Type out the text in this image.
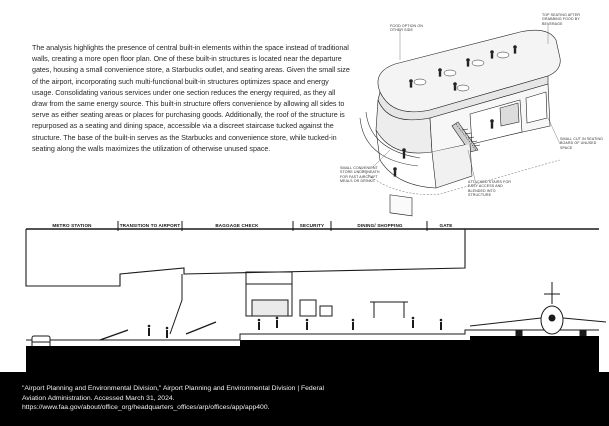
The analysis highlights the presence of central built-in elements within the space instead of traditional walls, creating a more open floor plan. One of these built-in structures is located near the departure gates, housing a small convenience store, a Starbucks outlet, and seating areas. Given the small size of the airport, incorporating such multi-functional built-in structures optimizes space and energy usage. Consolidating various services under one section reduces the energy required, as they all draw from the same energy source. This built-in structure offers convenience by allowing all sides to serve as either seating areas or places for purchasing goods. Additionally, the roof of the structure is repurposed as a seating and dining space, accessible via a discreet staircase tucked against the structure. The base of the built-in serves as the Starbucks and convenience store, while tucked-in seating along the walls maximizes the utilization of otherwise unused space.
FOOD OPTION ON OTHER SIDE
TOP SEATING AFTER GRABBING FOOD BY BEVERAGE
SMALL CUT IN SEATING BOARD OF UNUSED SPACE
SMALL CONVENIENT STORE UNDERNEATH FOR FAST AIRCRAFT MEALS OR DRINKS	ATTACHED STAIRS FOR EASY ACCESS AND BLENDED INTO STRUCTURE
METRO STATION	TRANSITION TO AIRPORT	BAGGAGE CHECK	SECURITY	DINING/ SHOPPING	GATE
"Airport Planning and Environmental Division," Airport Planning and Environmental Division | Federal
Aviation Administration. Accessed March 31, 2024.
https://www.faa.gov/about/office_org/headquarters_offices/arp/offices/app/app400.
